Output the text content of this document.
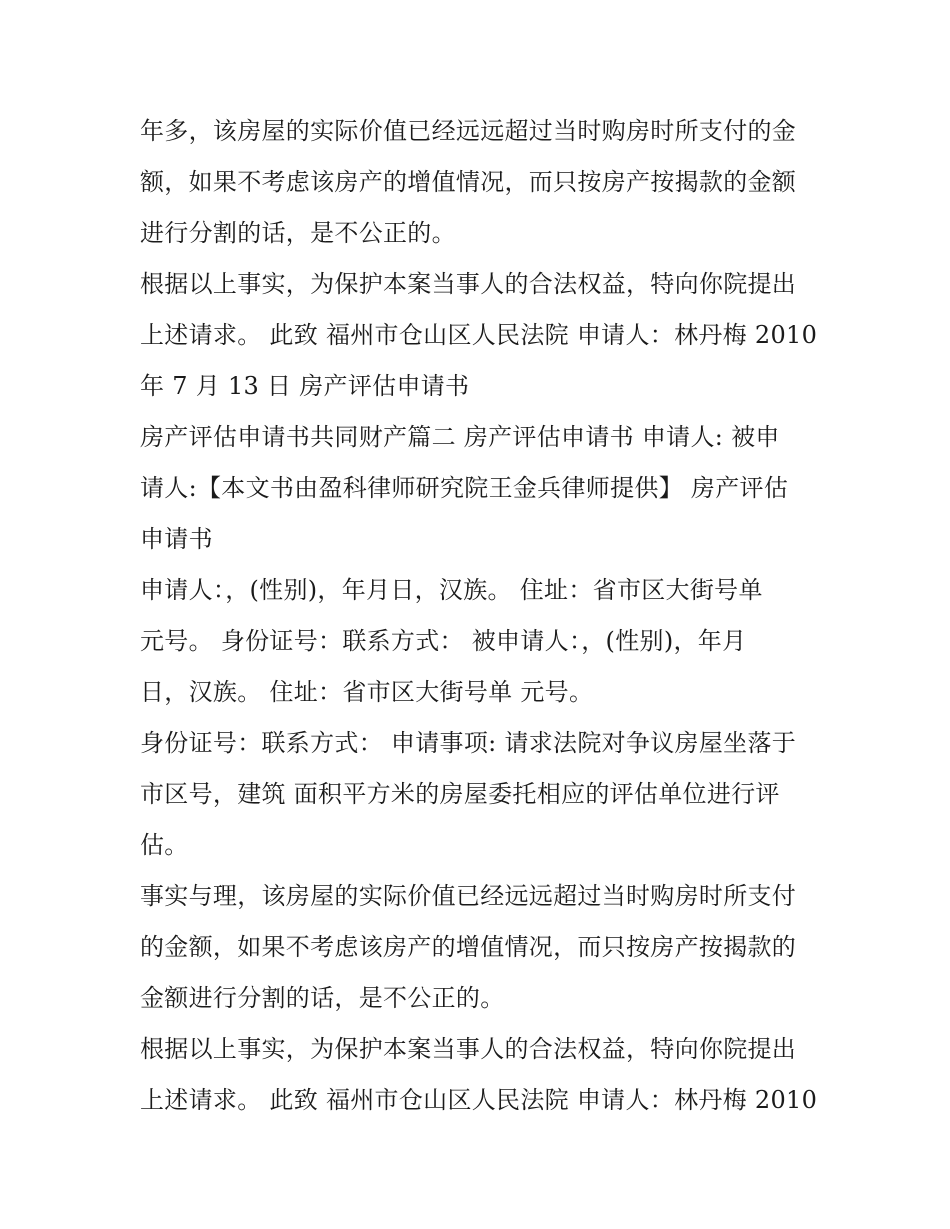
年多，该房屋的实际价值已经远远超过当时购房时所支付的金
额，如果不考虑该房产的增值情况，而只按房产按揭款的金额
进行分割的话，是不公正的。
根据以上事实，为保护本案当事人的合法权益，特向你院提出
上述请求。 此致 福州市仓山区人民法院 申请人：林丹梅 2010
年 7 月 13 日 房产评估申请书
房产评估申请书共同财产篇二 房产评估申请书 申请人: 被申
请人:【本文书由盈科律师研究院王金兵律师提供】 房产评估
申请书
申请人：，(性别)，年月日，汉族。 住址：省市区大街号单
元号。 身份证号：联系方式： 被申请人：，(性别)，年月
日，汉族。 住址：省市区大街号单 元号。
身份证号：联系方式： 申请事项: 请求法院对争议房屋坐落于
市区号，建筑 面积平方米的房屋委托相应的评估单位进行评
估。
事实与理，该房屋的实际价值已经远远超过当时购房时所支付
的金额，如果不考虑该房产的增值情况，而只按房产按揭款的
金额进行分割的话，是不公正的。
根据以上事实，为保护本案当事人的合法权益，特向你院提出
上述请求。 此致 福州市仓山区人民法院 申请人：林丹梅 2010
